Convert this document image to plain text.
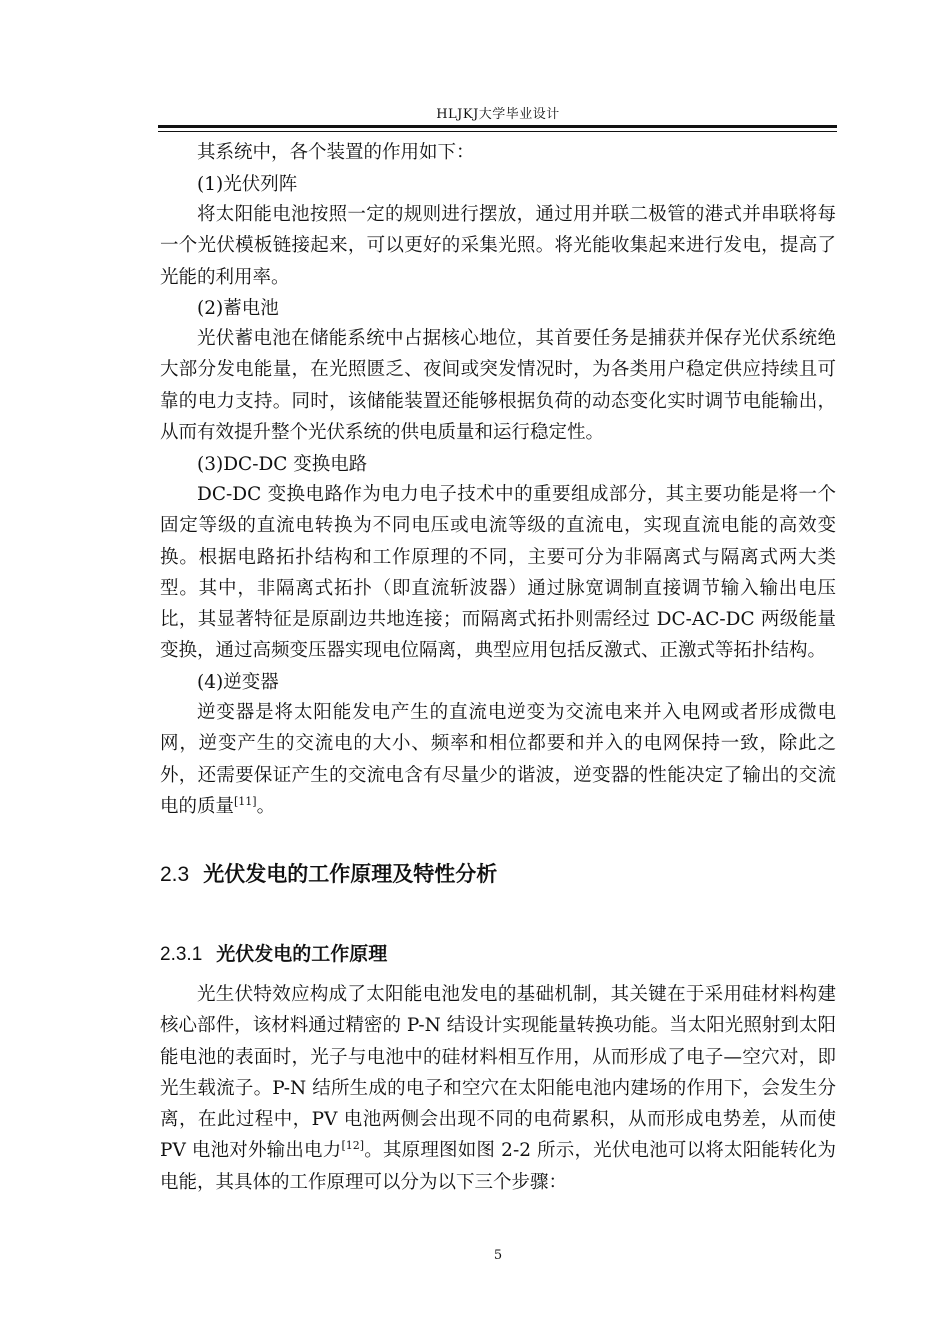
HLJKJ大学毕业设计

其系统中，各个装置的作用如下：

(1)光伏列阵

将太阳能电池按照一定的规则进行摆放，通过用并联二极管的港式并串联将每一个光伏模板链接起来，可以更好的采集光照。将光能收集起来进行发电，提高了光能的利用率。

(2)蓄电池

光伏蓄电池在储能系统中占据核心地位，其首要任务是捕获并保存光伏系统绝大部分发电能量，在光照匮乏、夜间或突发情况时，为各类用户稳定供应持续且可靠的电力支持。同时，该储能装置还能够根据负荷的动态变化实时调节电能输出，从而有效提升整个光伏系统的供电质量和运行稳定性。

(3)DC-DC 变换电路

DC-DC 变换电路作为电力电子技术中的重要组成部分，其主要功能是将一个固定等级的直流电转换为不同电压或电流等级的直流电，实现直流电能的高效变换。根据电路拓扑结构和工作原理的不同，主要可分为非隔离式与隔离式两大类型。其中，非隔离式拓扑（即直流斩波器）通过脉宽调制直接调节输入输出电压比，其显著特征是原副边共地连接；而隔离式拓扑则需经过 DC-AC-DC 两级能量变换，通过高频变压器实现电位隔离，典型应用包括反激式、正激式等拓扑结构。

(4)逆变器

逆变器是将太阳能发电产生的直流电逆变为交流电来并入电网或者形成微电网，逆变产生的交流电的大小、频率和相位都要和并入的电网保持一致，除此之外，还需要保证产生的交流电含有尽量少的谐波，逆变器的性能决定了输出的交流电的质量[11]。

2.3 光伏发电的工作原理及特性分析
2.3.1 光伏发电的工作原理

光生伏特效应构成了太阳能电池发电的基础机制，其关键在于采用硅材料构建核心部件，该材料通过精密的 P-N 结设计实现能量转换功能。当太阳光照射到太阳能电池的表面时，光子与电池中的硅材料相互作用，从而形成了电子—空穴对，即光生载流子。P-N 结所生成的电子和空穴在太阳能电池内建场的作用下，会发生分离，在此过程中，PV 电池两侧会出现不同的电荷累积，从而形成电势差，从而使 PV 电池对外输出电力[12]。其原理图如图 2-2 所示，光伏电池可以将太阳能转化为电能，其具体的工作原理可以分为以下三个步骤：

5
